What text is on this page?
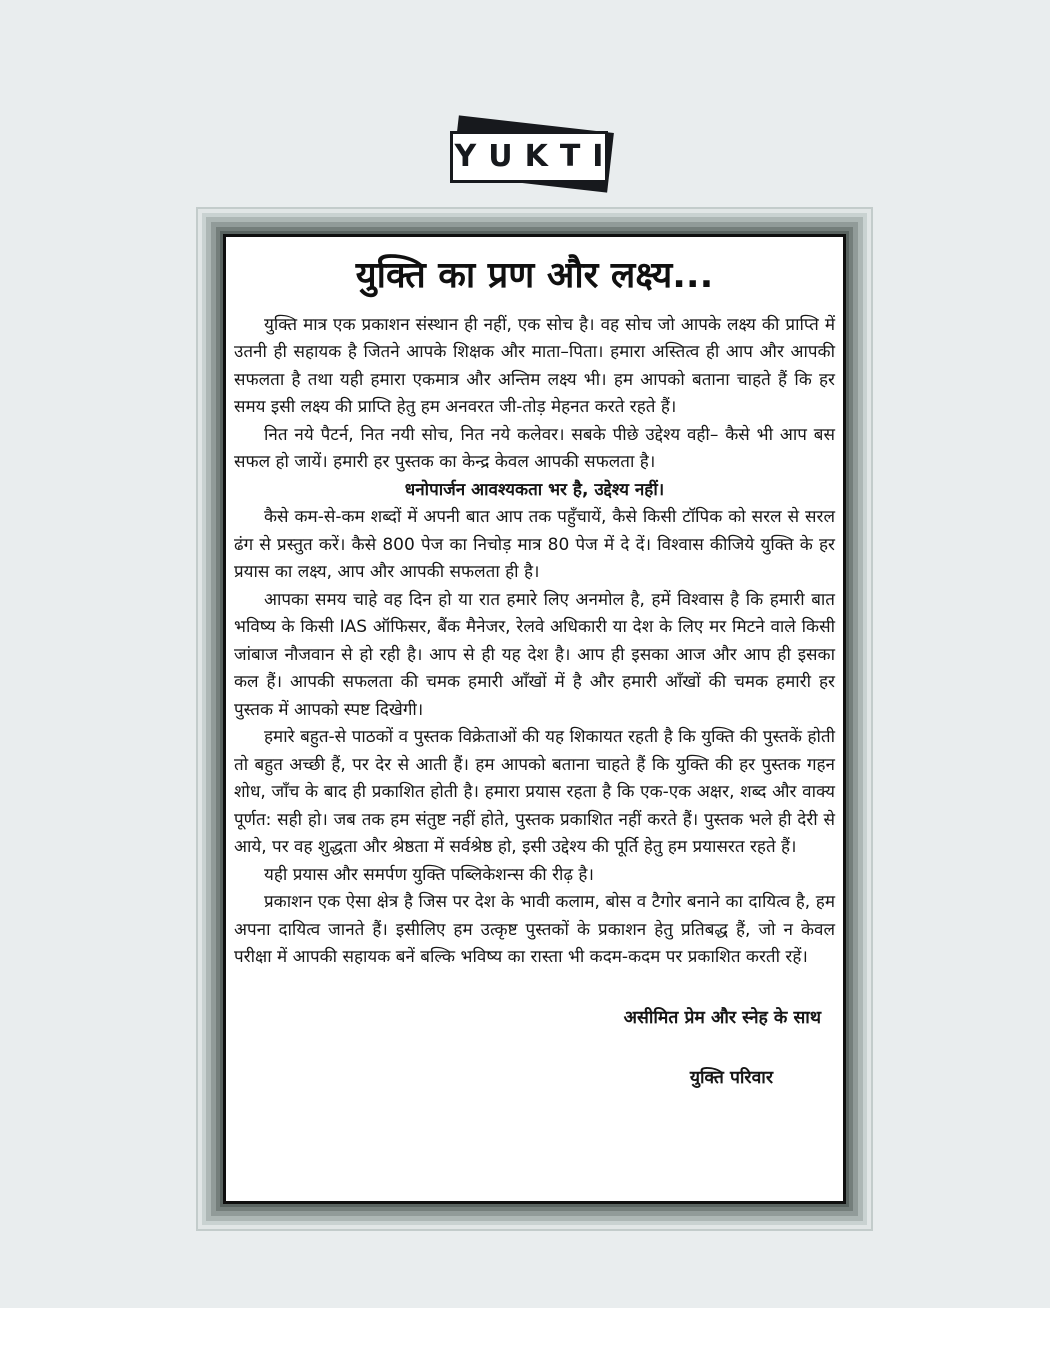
YUKTI
युक्ति का प्रण और लक्ष्य...

युक्ति मात्र एक प्रकाशन संस्थान ही नहीं, एक सोच है। वह सोच जो आपके लक्ष्य की प्राप्ति में उतनी ही सहायक है जितने आपके शिक्षक और माता–पिता। हमारा अस्तित्व ही आप और आपकी सफलता है तथा यही हमारा एकमात्र और अन्तिम लक्ष्य भी। हम आपको बताना चाहते हैं कि हर समय इसी लक्ष्य की प्राप्ति हेतु हम अनवरत जी-तोड़ मेहनत करते रहते हैं।

नित नये पैटर्न, नित नयी सोच, नित नये कलेवर। सबके पीछे उद्देश्य वही– कैसे भी आप बस सफल हो जायें। हमारी हर पुस्तक का केन्द्र केवल आपकी सफलता है।

धनोपार्जन आवश्यकता भर है, उद्देश्य नहीं।

कैसे कम-से-कम शब्दों में अपनी बात आप तक पहुँचायें, कैसे किसी टॉपिक को सरल से सरल ढंग से प्रस्तुत करें। कैसे 800 पेज का निचोड़ मात्र 80 पेज में दे दें। विश्वास कीजिये युक्ति के हर प्रयास का लक्ष्य, आप और आपकी सफलता ही है।

आपका समय चाहे वह दिन हो या रात हमारे लिए अनमोल है, हमें विश्वास है कि हमारी बात भविष्य के किसी IAS ऑफिसर, बैंक मैनेजर, रेलवे अधिकारी या देश के लिए मर मिटने वाले किसी जांबाज नौजवान से हो रही है। आप से ही यह देश है। आप ही इसका आज और आप ही इसका कल हैं। आपकी सफलता की चमक हमारी आँखों में है और हमारी आँखों की चमक हमारी हर पुस्तक में आपको स्पष्ट दिखेगी।

हमारे बहुत-से पाठकों व पुस्तक विक्रेताओं की यह शिकायत रहती है कि युक्ति की पुस्तकें होती तो बहुत अच्छी हैं, पर देर से आती हैं। हम आपको बताना चाहते हैं कि युक्ति की हर पुस्तक गहन शोध, जाँच के बाद ही प्रकाशित होती है। हमारा प्रयास रहता है कि एक-एक अक्षर, शब्द और वाक्य पूर्णत: सही हो। जब तक हम संतुष्ट नहीं होते, पुस्तक प्रकाशित नहीं करते हैं। पुस्तक भले ही देरी से आये, पर वह शुद्धता और श्रेष्ठता में सर्वश्रेष्ठ हो, इसी उद्देश्य की पूर्ति हेतु हम प्रयासरत रहते हैं।

यही प्रयास और समर्पण युक्ति पब्लिकेशन्स की रीढ़ है।

प्रकाशन एक ऐसा क्षेत्र है जिस पर देश के भावी कलाम, बोस व टैगोर बनाने का दायित्व है, हम अपना दायित्व जानते हैं। इसीलिए हम उत्कृष्ट पुस्तकों के प्रकाशन हेतु प्रतिबद्ध हैं, जो न केवल परीक्षा में आपकी सहायक बनें बल्कि भविष्य का रास्ता भी कदम-कदम पर प्रकाशित करती रहें।

असीमित प्रेम और स्नेह के साथ

युक्ति परिवार
